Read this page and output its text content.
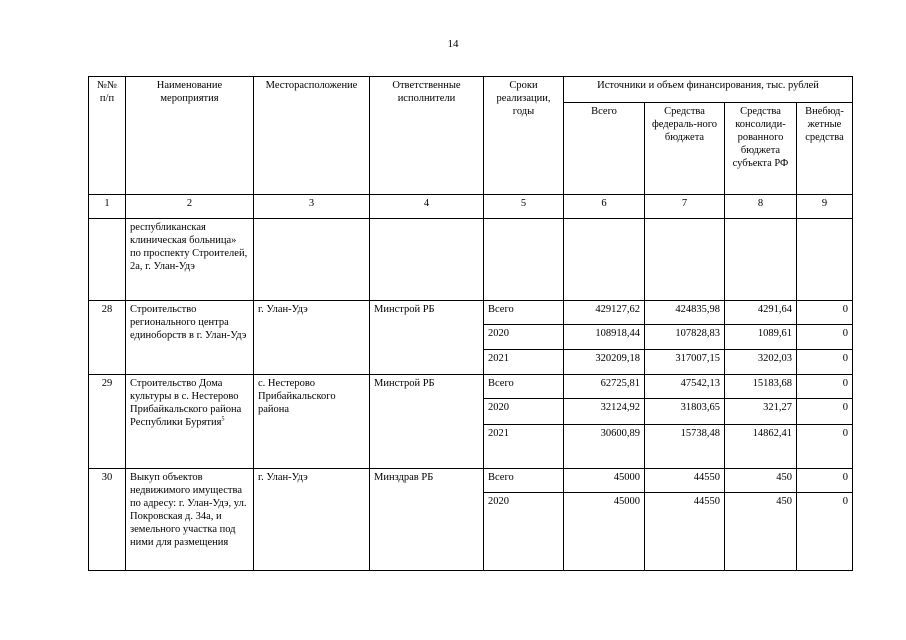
14
№№ п/п	Наименование мероприятия	Месторасположение	Ответственные исполнители	Сроки реализации, годы	Источники и объем финансирования, тыс. рублей			
					Всего	Средства федераль-ного бюджета	Средства консолиди-рованного бюджета субъекта РФ	Внебюд-жетные средства
1	2	3	4	5	6	7	8	9
	республиканская клиническая больница» по проспекту Строителей, 2а, г. Улан-Удэ							
28	Строительство регионального центра единоборств в г. Улан-Удэ	г. Улан-Удэ	Минстрой РБ	Всего	429127,62	424835,98	4291,64	0
				2020	108918,44	107828,83	1089,61	0
				2021	320209,18	317007,15	3202,03	0
29	Строительство Дома культуры в с. Нестерово Прибайкальского района Республики Бурятия$^5$	с. Нестерово Прибайкальского района	Минстрой РБ	Всего	62725,81	47542,13	15183,68	0
				2020	32124,92	31803,65	321,27	0
				2021	30600,89	15738,48	14862,41	0
30	Выкуп объектов недвижимого имущества по адресу: г. Улан-Удэ, ул. Покровская д. 34а, и земельного участка под ними для размещения	г. Улан-Удэ	Минздрав РБ	Всего	45000	44550	450	0
				2020	45000	44550	450	0
